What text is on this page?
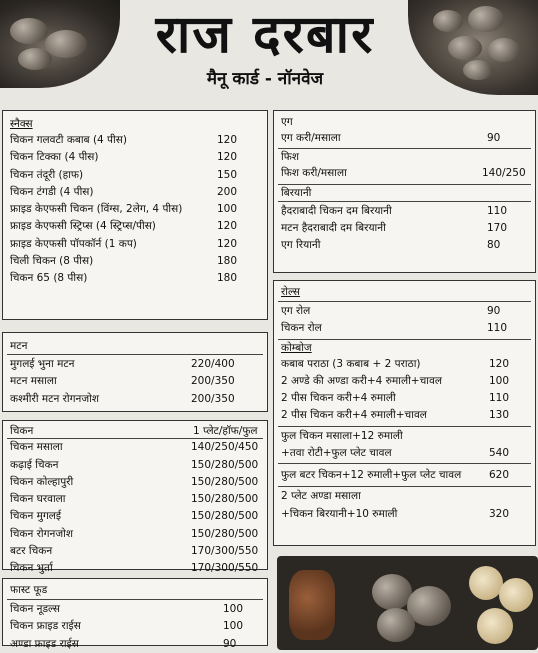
राज दरबार
मैनू कार्ड - नॉनवेज
स्नैक्स
चिकन गलवटी कबाब (4 पीस)	120
चिकन टिक्का (4 पीस)	120
चिकन तंदूरी (हाफ)	150
चिकन टंगडी (4 पीस)	200
फ्राइड केएफसी चिकन (विंग्स, 2लेग, 4 पीस)	100
फ्राइड केएफसी स्ट्रिप्स (4 स्ट्रिप्स/पीस)	120
फ्राइड केएफसी पॉपकॉर्न (1 कप)	120
चिली चिकन (8 पीस)	180
चिकन 65 (8 पीस)	180
मटन
मुगलई भुना मटन	220/400
मटन मसाला	200/350
कश्मीरी मटन रोगनजोश	200/350
चिकन	1 प्लेट/हॉफ/फुल
चिकन मसाला	140/250/450
कढ़ाई चिकन	150/280/500
चिकन कोल्हापुरी	150/280/500
चिकन घरवाला	150/280/500
चिकन मुगलई	150/280/500
चिकन रोगनजोश	150/280/500
बटर चिकन	170/300/550
चिकन भुर्ता	170/300/550
फास्ट फूड
चिकन नूडल्स	100
चिकन फ्राइड राईस	100
अण्डा फ्राइड राईस	90
एग
एग करी/मसाला	90
फिश
फिश करी/मसाला	140/250
बिरयानी
हैदराबादी चिकन दम बिरयानी	110
मटन हैदराबादी दम बिरयानी	170
एग रियानी	80
रोल्स
एग रोल	90
चिकन रोल	110
कोम्बोज
कबाब पराठा (3 कबाब + 2 पराठा)	120
2 अण्डे की अण्डा करी+4 रुमाली+चावल	100
2 पीस चिकन करी+4 रुमाली	110
2 पीस चिकन करी+4 रुमाली+चावल	130
फुल चिकन मसाला+12 रुमाली
+तवा रोटी+फुल प्लेट चावल	540
फुल बटर चिकन+12 रुमाली+फुल प्लेट चावल	620
2 प्लेट अण्डा मसाला
+चिकन बिरयानी+10 रुमाली	320
